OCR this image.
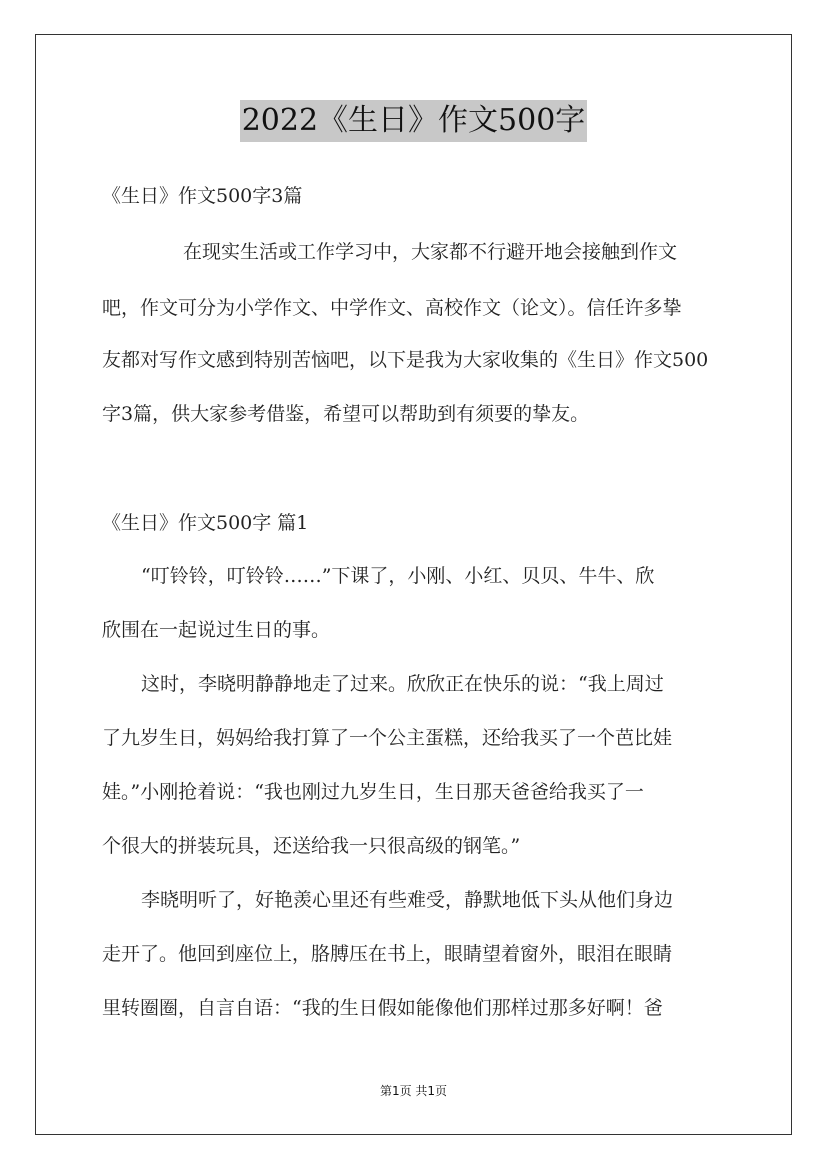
2022《生日》作文500字
《生日》作文500字3篇
在现实生活或工作学习中，大家都不行避开地会接触到作文
吧，作文可分为小学作文、中学作文、高校作文（论文）。信任许多挚
友都对写作文感到特别苦恼吧，以下是我为大家收集的《生日》作文500
字3篇，供大家参考借鉴，希望可以帮助到有须要的挚友。
《生日》作文500字 篇1
“叮铃铃，叮铃铃……”下课了，小刚、小红、贝贝、牛牛、欣
欣围在一起说过生日的事。
这时，李晓明静静地走了过来。欣欣正在快乐的说：“我上周过
了九岁生日，妈妈给我打算了一个公主蛋糕，还给我买了一个芭比娃
娃。”小刚抢着说：“我也刚过九岁生日，生日那天爸爸给我买了一
个很大的拼装玩具，还送给我一只很高级的钢笔。”
李晓明听了，好艳羡心里还有些难受，静默地低下头从他们身边
走开了。他回到座位上，胳膊压在书上，眼睛望着窗外，眼泪在眼睛
里转圈圈，自言自语：“我的生日假如能像他们那样过那多好啊！爸
第1页 共1页
